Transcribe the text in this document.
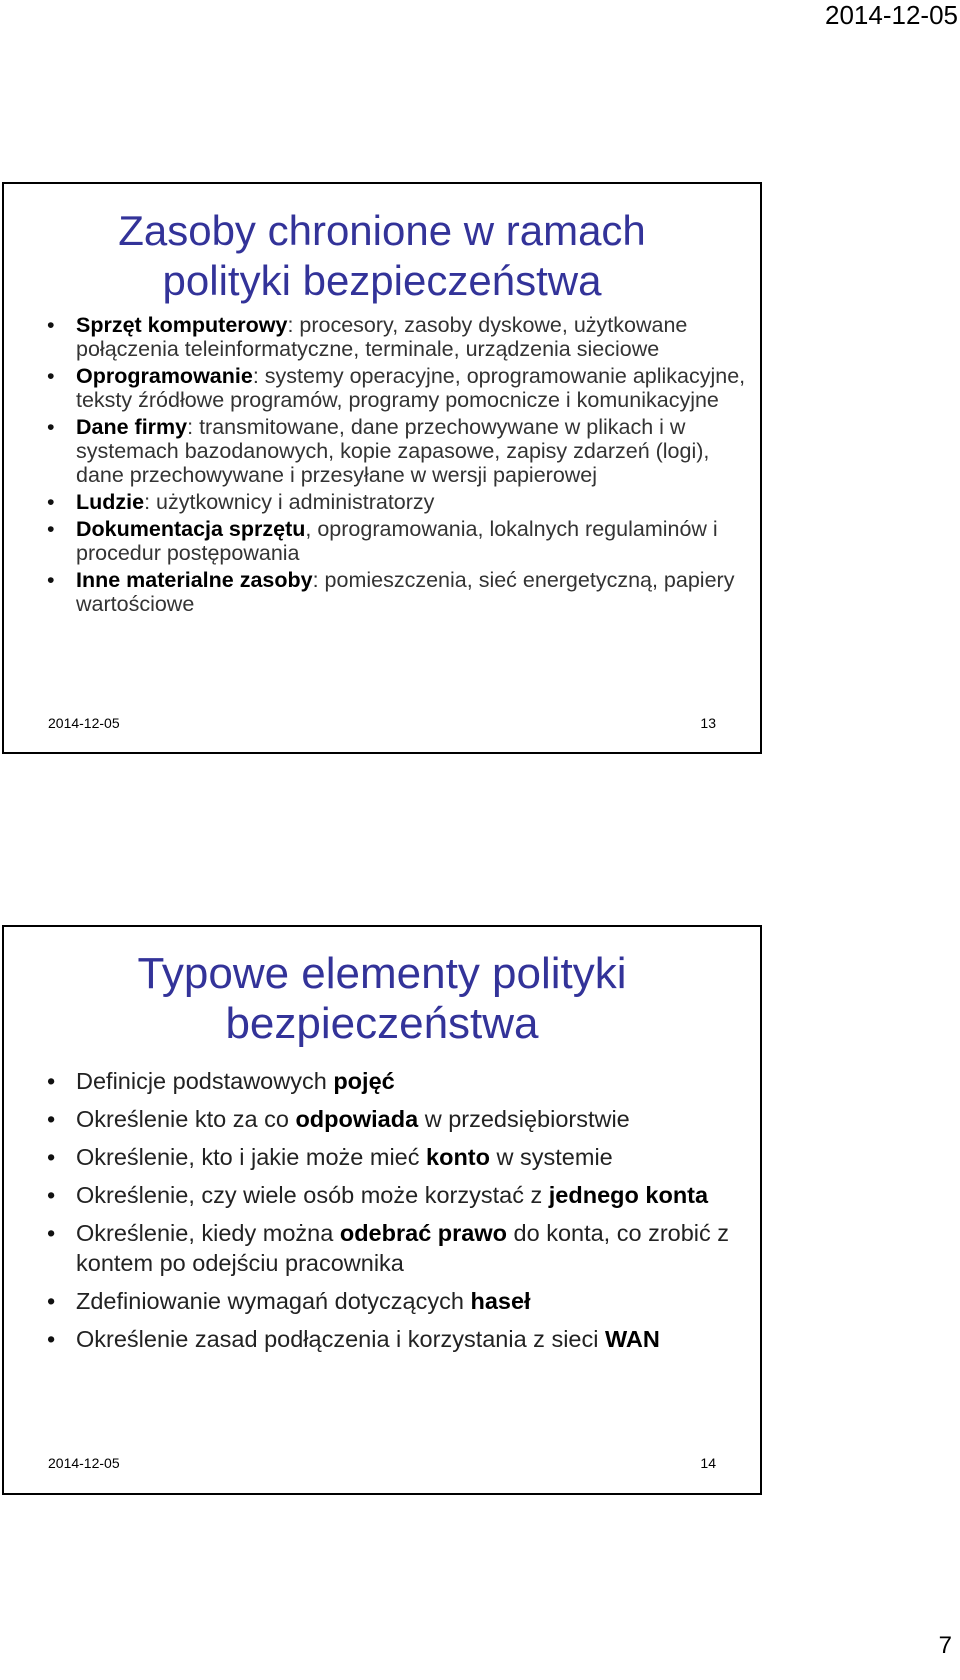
2014-12-05
Zasoby chronione w ramach
polityki bezpieczeństwa
• Sprzęt komputerowy: procesory, zasoby dyskowe, użytkowane połączenia teleinformatyczne, terminale, urządzenia sieciowe
• Oprogramowanie: systemy operacyjne, oprogramowanie aplikacyjne, teksty źródłowe programów, programy pomocnicze i komunikacyjne
• Dane firmy: transmitowane, dane przechowywane w plikach i w systemach bazodanowych, kopie zapasowe, zapisy zdarzeń (logi), dane przechowywane i przesyłane w wersji papierowej
• Ludzie: użytkownicy i administratorzy
• Dokumentacja sprzętu, oprogramowania, lokalnych regulaminów i procedur postępowania
• Inne materialne zasoby: pomieszczenia, sieć energetyczną, papiery wartościowe
2014-12-05	13
Typowe elementy polityki
bezpieczeństwa
• Definicje podstawowych pojęć
• Określenie kto za co odpowiada w przedsiębiorstwie
• Określenie, kto i jakie może mieć konto w systemie
• Określenie, czy wiele osób może korzystać z jednego konta
• Określenie, kiedy można odebrać prawo do konta, co zrobić z kontem po odejściu pracownika
• Zdefiniowanie wymagań dotyczących haseł
• Określenie zasad podłączenia i korzystania z sieci WAN
2014-12-05	14
7
